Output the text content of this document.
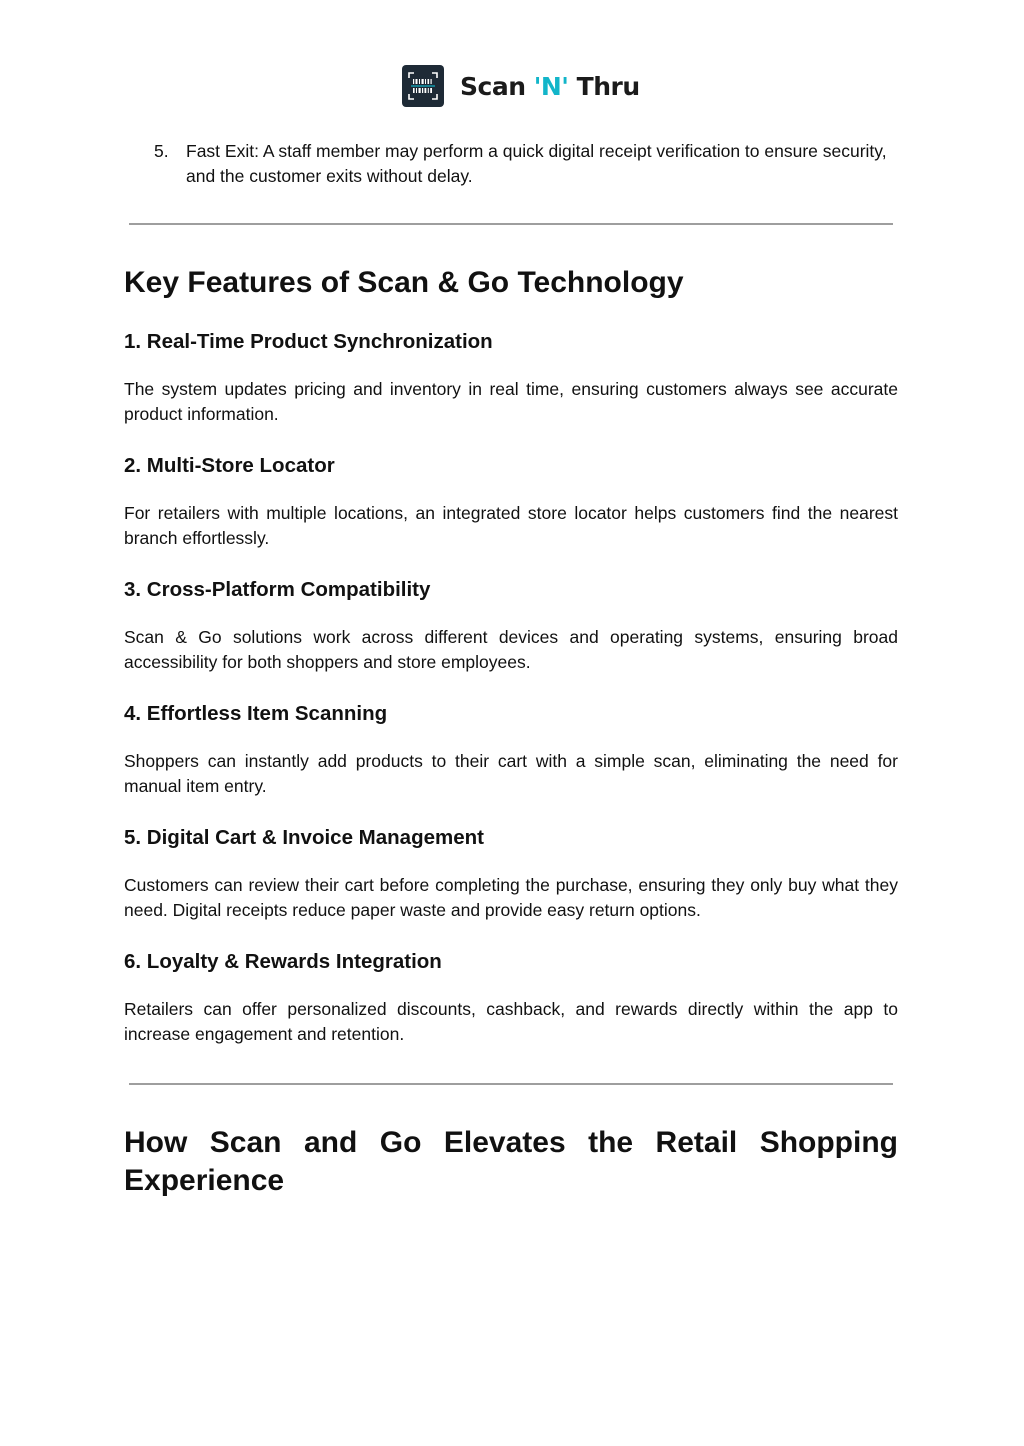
Scan 'N' Thru
5. Fast Exit: A staff member may perform a quick digital receipt verification to ensure security, and the customer exits without delay.
Key Features of Scan & Go Technology
1. Real-Time Product Synchronization

The system updates pricing and inventory in real time, ensuring customers always see accurate product information.

2. Multi-Store Locator

For retailers with multiple locations, an integrated store locator helps customers find the nearest branch effortlessly.

3. Cross-Platform Compatibility

Scan & Go solutions work across different devices and operating systems, ensuring broad accessibility for both shoppers and store employees.

4. Effortless Item Scanning

Shoppers can instantly add products to their cart with a simple scan, eliminating the need for manual item entry.

5. Digital Cart & Invoice Management

Customers can review their cart before completing the purchase, ensuring they only buy what they need. Digital receipts reduce paper waste and provide easy return options.

6. Loyalty & Rewards Integration

Retailers can offer personalized discounts, cashback, and rewards directly within the app to increase engagement and retention.

How Scan and Go Elevates the Retail Shopping Experience
